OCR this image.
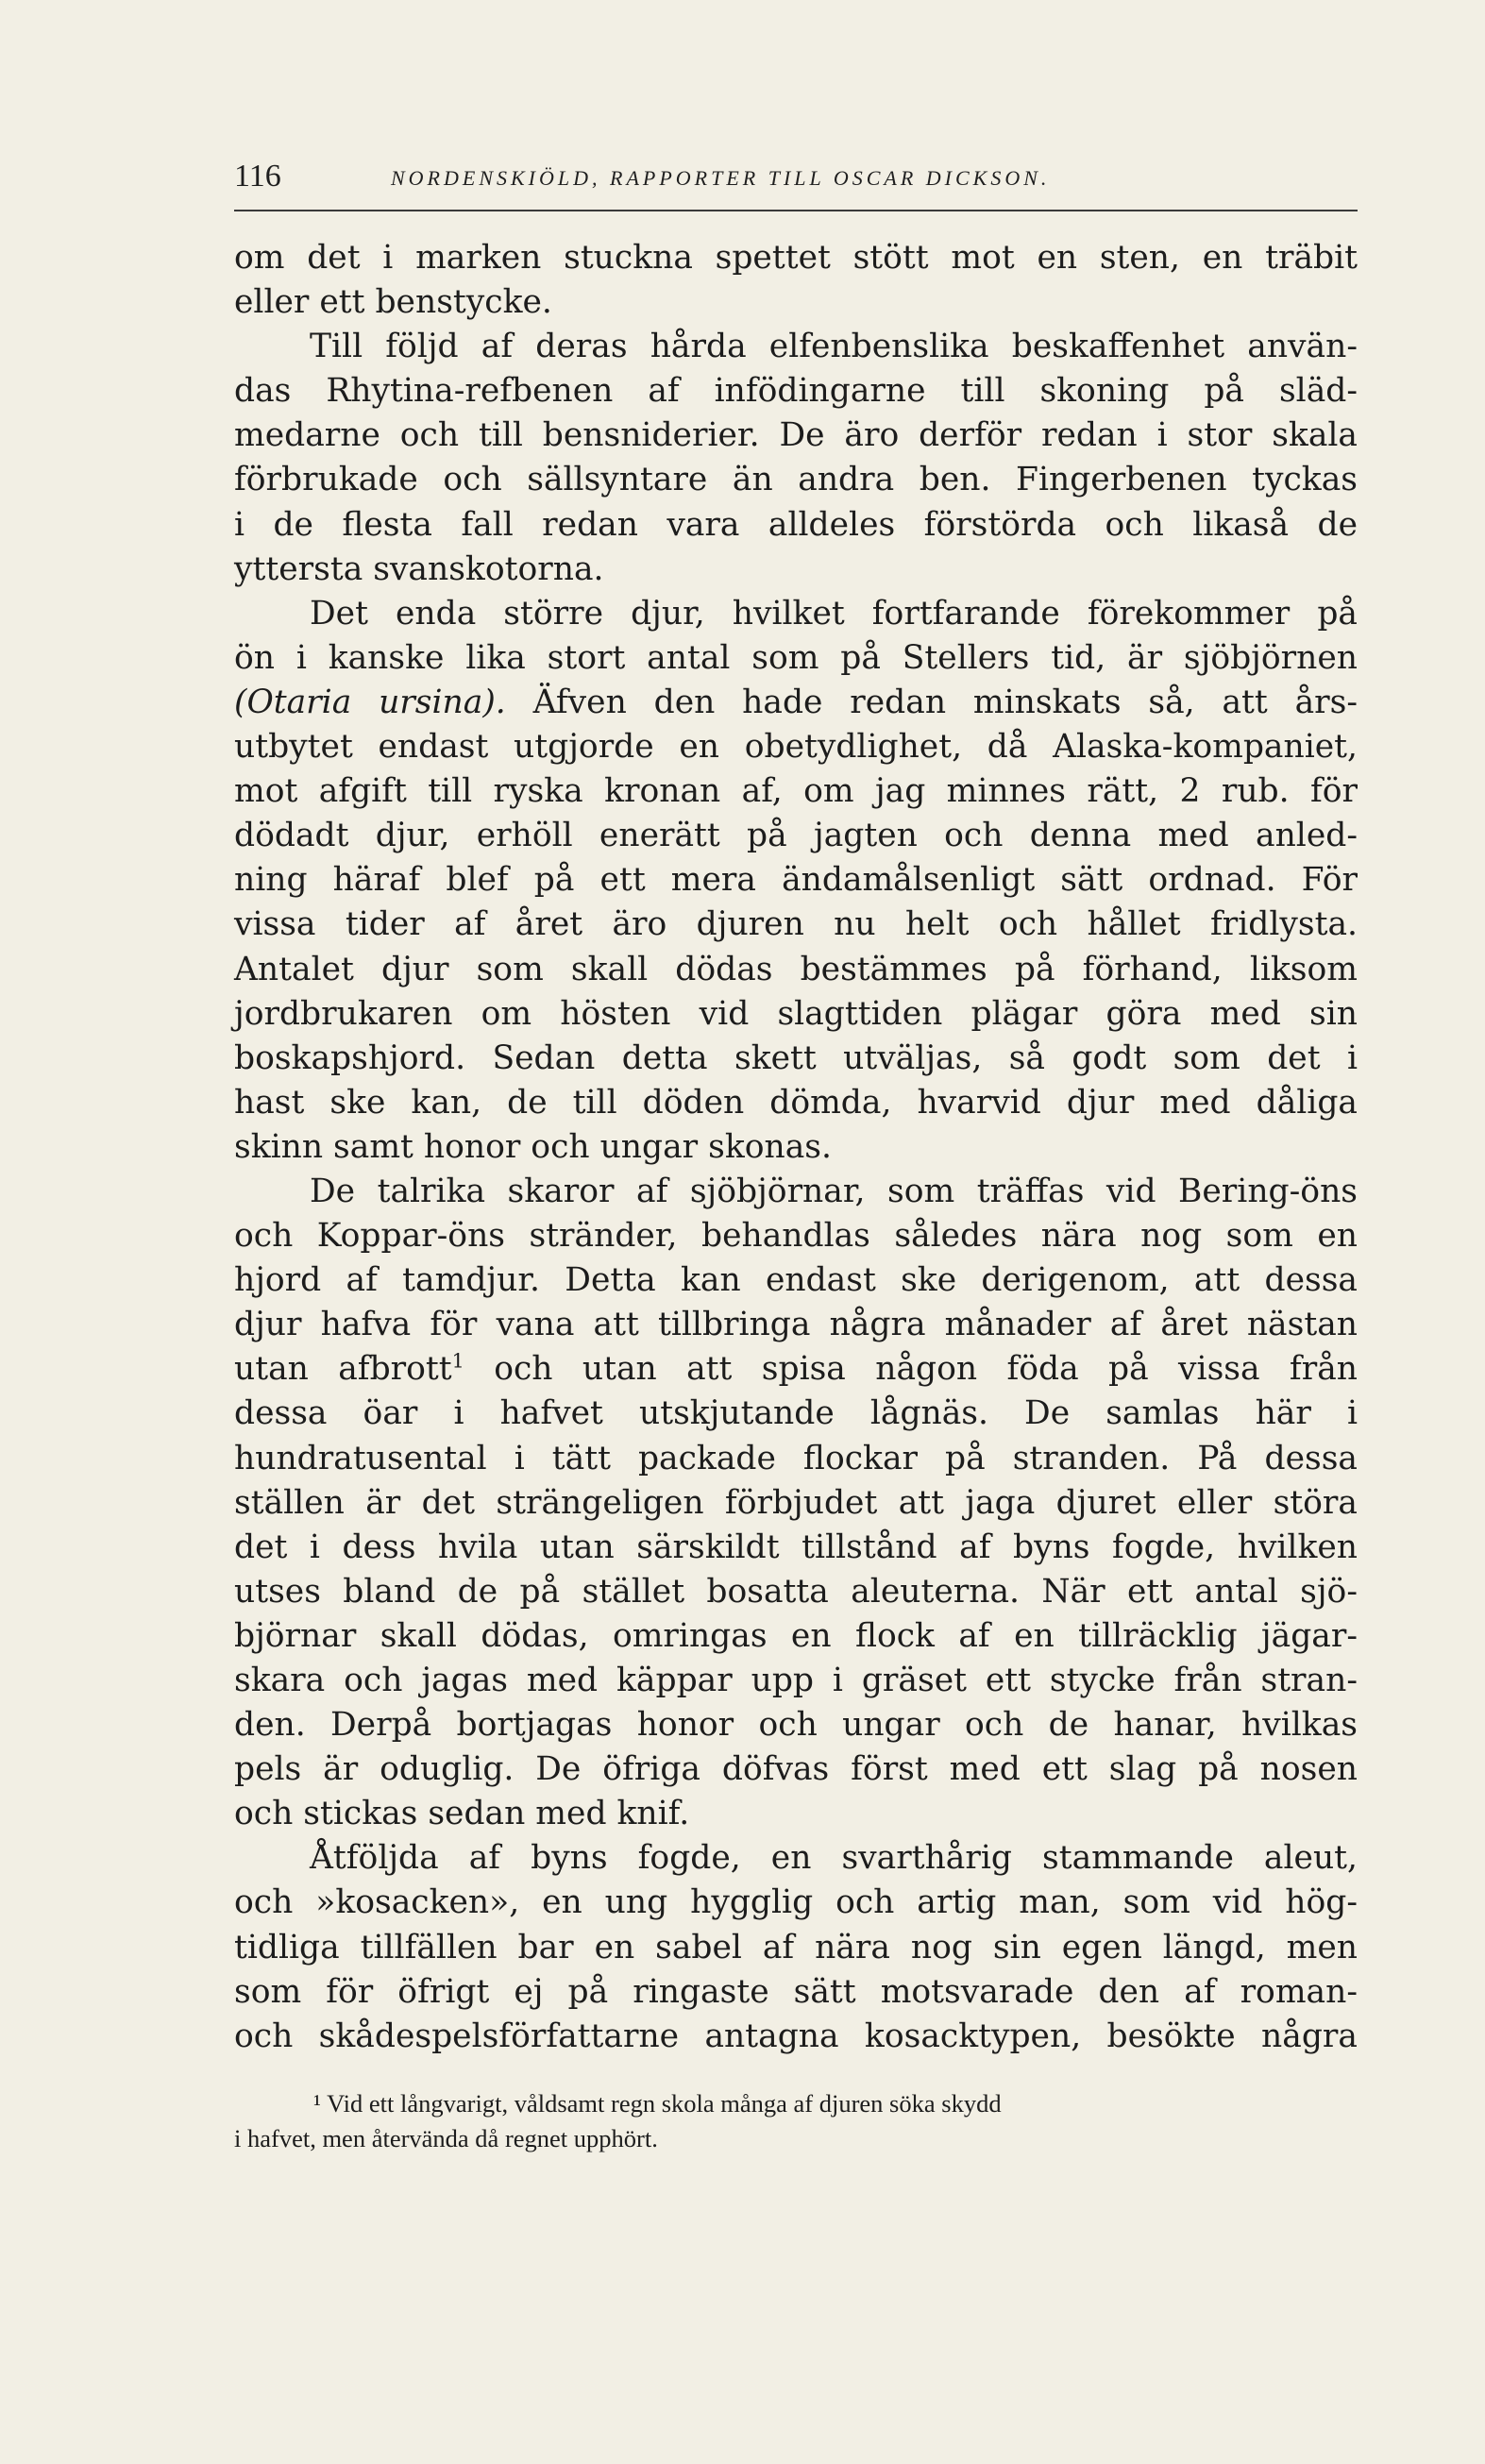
116	NORDENSKIÖLD, RAPPORTER TILL OSCAR DICKSON.
om det i marken stuckna spettet stött mot en sten, en träbit
eller ett benstycke.
Till följd af deras hårda elfenbenslika beskaffenhet använ-
das Rhytina-refbenen af infödingarne till skoning på släd-
medarne och till bensniderier. De äro derför redan i stor skala
förbrukade och sällsyntare än andra ben. Fingerbenen tyckas
i de flesta fall redan vara alldeles förstörda och likaså de
yttersta svanskotorna.
Det enda större djur, hvilket fortfarande förekommer på
ön i kanske lika stort antal som på Stellers tid, är sjöbjörnen
(Otaria ursina). Äfven den hade redan minskats så, att års-
utbytet endast utgjorde en obetydlighet, då Alaska-kompaniet,
mot afgift till ryska kronan af, om jag minnes rätt, 2 rub. för
dödadt djur, erhöll enerätt på jagten och denna med anled-
ning häraf blef på ett mera ändamålsenligt sätt ordnad. För
vissa tider af året äro djuren nu helt och hållet fridlysta.
Antalet djur som skall dödas bestämmes på förhand, liksom
jordbrukaren om hösten vid slagttiden plägar göra med sin
boskapshjord. Sedan detta skett utväljas, så godt som det i
hast ske kan, de till döden dömda, hvarvid djur med dåliga
skinn samt honor och ungar skonas.
De talrika skaror af sjöbjörnar, som träffas vid Bering-öns
och Koppar-öns stränder, behandlas således nära nog som en
hjord af tamdjur. Detta kan endast ske derigenom, att dessa
djur hafva för vana att tillbringa några månader af året nästan
utan afbrott$^1$ och utan att spisa någon föda på vissa från
dessa öar i hafvet utskjutande lågnäs. De samlas här i
hundratusental i tätt packade flockar på stranden. På dessa
ställen är det strängeligen förbjudet att jaga djuret eller störa
det i dess hvila utan särskildt tillstånd af byns fogde, hvilken
utses bland de på stället bosatta aleuterna. När ett antal sjö-
björnar skall dödas, omringas en flock af en tillräcklig jägar-
skara och jagas med käppar upp i gräset ett stycke från stran-
den. Derpå bortjagas honor och ungar och de hanar, hvilkas
pels är oduglig. De öfriga döfvas först med ett slag på nosen
och stickas sedan med knif.
Åtföljda af byns fogde, en svarthårig stammande aleut,
och »kosacken», en ung hygglig och artig man, som vid hög-
tidliga tillfällen bar en sabel af nära nog sin egen längd, men
som för öfrigt ej på ringaste sätt motsvarade den af roman-
och skådespelsförfattarne antagna kosacktypen, besökte några
¹ Vid ett långvarigt, våldsamt regn skola många af djuren söka skydd
i hafvet, men återvända då regnet upphört.
